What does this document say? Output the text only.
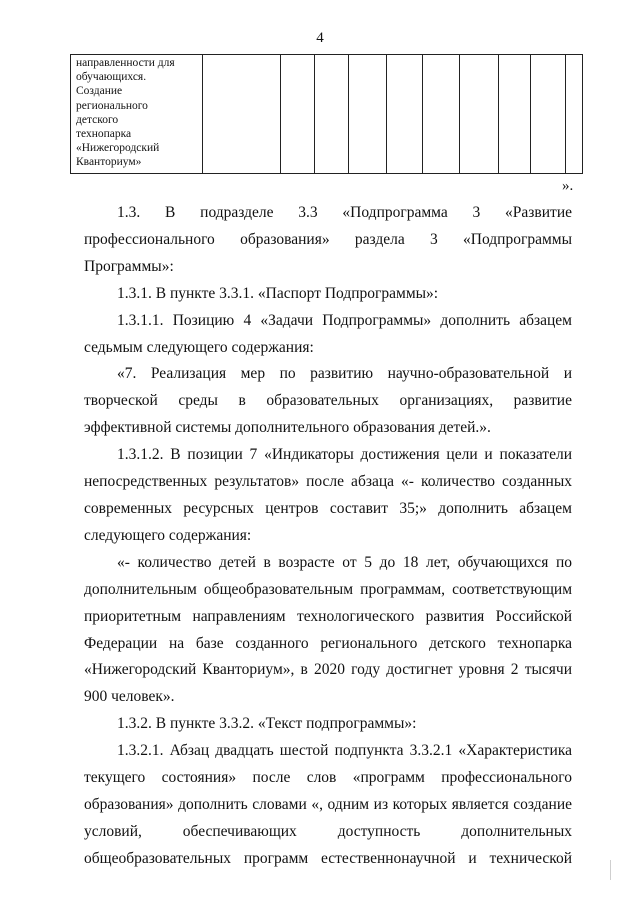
4
направленности для
обучающихся.
Создание
регионального
детского
технопарка
«Нижегородский
Кванториум»

».

1.3. В подразделе 3.3 «Подпрограмма 3 «Развитие профессионального образования» раздела 3 «Подпрограммы Программы»:

1.3.1. В пункте 3.3.1. «Паспорт Подпрограммы»:

1.3.1.1. Позицию 4 «Задачи Подпрограммы» дополнить абзацем седьмым следующего содержания:

«7. Реализация мер по развитию научно-образовательной и творческой среды в образовательных организациях, развитие эффективной системы дополнительного образования детей.».

1.3.1.2. В позиции 7 «Индикаторы достижения цели и показатели непосредственных результатов» после абзаца «- количество созданных современных ресурсных центров составит 35;» дополнить абзацем следующего содержания:

«- количество детей в возрасте от 5 до 18 лет, обучающихся по дополнительным общеобразовательным программам, соответствующим приоритетным направлениям технологического развития Российской Федерации на базе созданного регионального детского технопарка «Нижегородский Кванториум», в 2020 году достигнет уровня 2 тысячи 900 человек».

1.3.2. В пункте 3.3.2. «Текст подпрограммы»:

1.3.2.1. Абзац двадцать шестой подпункта 3.3.2.1 «Характеристика текущего состояния» после слов «программ профессионального образования» дополнить словами «, одним из которых является создание условий, обеспечивающих доступность дополнительных общеобразовательных программ естественнонаучной и технической
